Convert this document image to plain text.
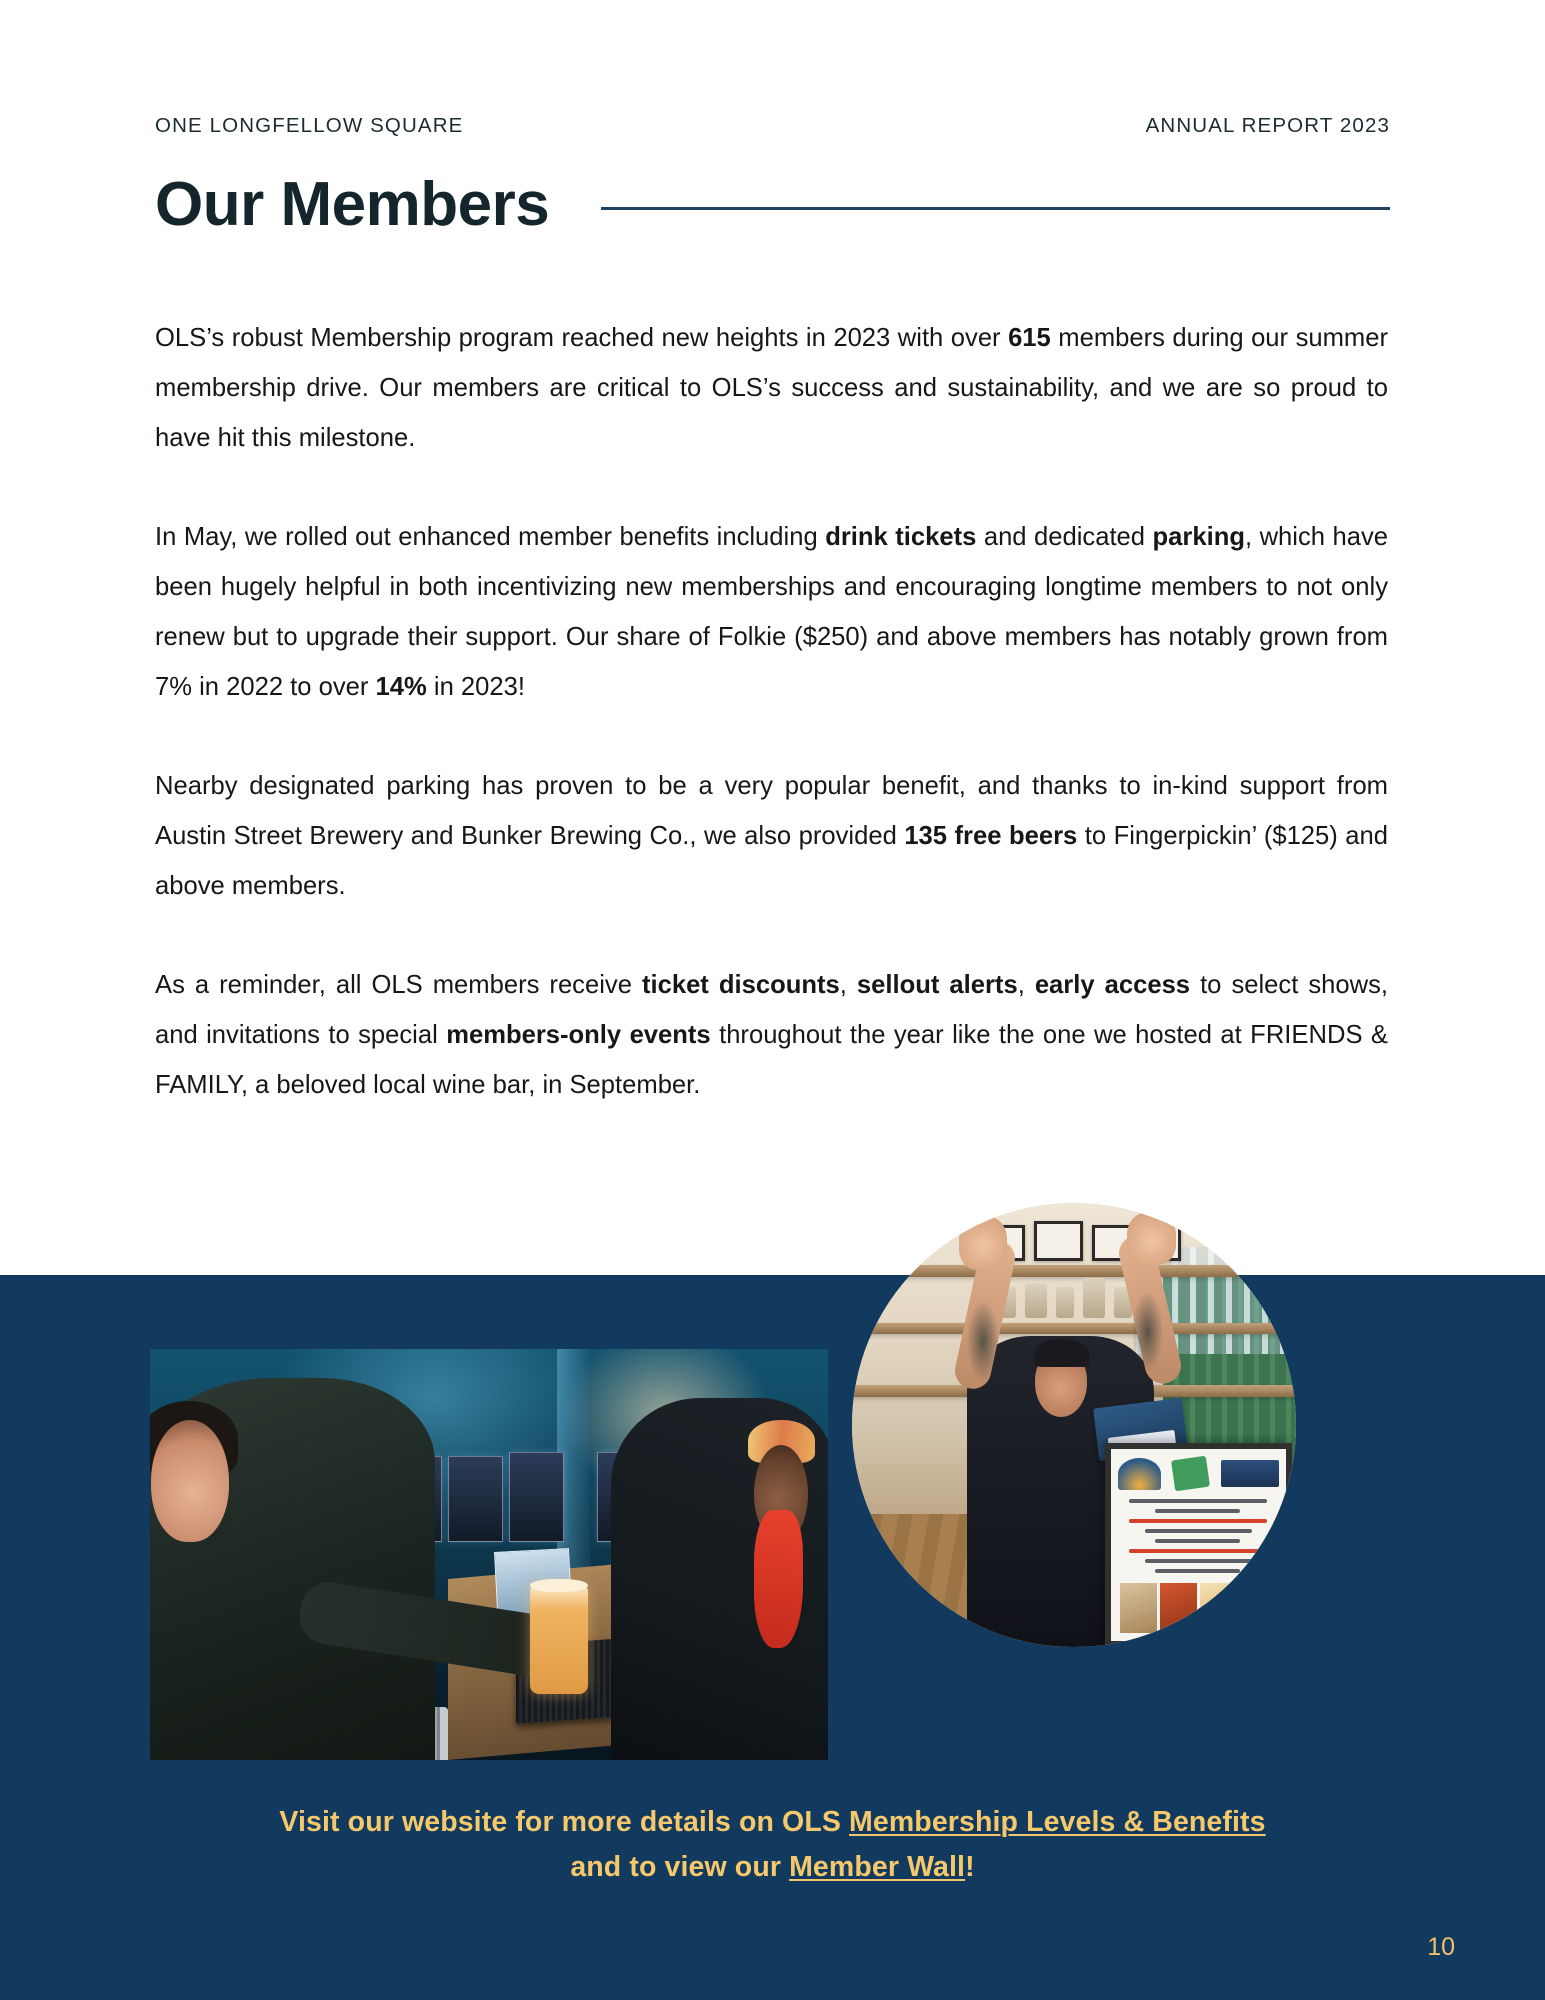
ONE LONGFELLOW SQUARE	ANNUAL REPORT 2023
Our Members

OLS’s robust Membership program reached new heights in 2023 with over 615 members during our summer membership drive. Our members are critical to OLS’s success and sustainability, and we are so proud to have hit this milestone.

In May, we rolled out enhanced member benefits including drink tickets and dedicated parking, which have been hugely helpful in both incentivizing new memberships and encouraging longtime members to not only renew but to upgrade their support. Our share of Folkie ($250) and above members has notably grown from 7% in 2022 to over 14% in 2023!

Nearby designated parking has proven to be a very popular benefit, and thanks to in-kind support from Austin Street Brewery and Bunker Brewing Co., we also provided 135 free beers to Fingerpickin’ ($125) and above members.

As a reminder, all OLS members receive ticket discounts, sellout alerts, early access to select shows, and invitations to special members-only events throughout the year like the one we hosted at FRIENDS & FAMILY, a beloved local wine bar, in September.

Visit our website for more details on OLS Membership Levels & Benefits
and to view our Member Wall!
10
